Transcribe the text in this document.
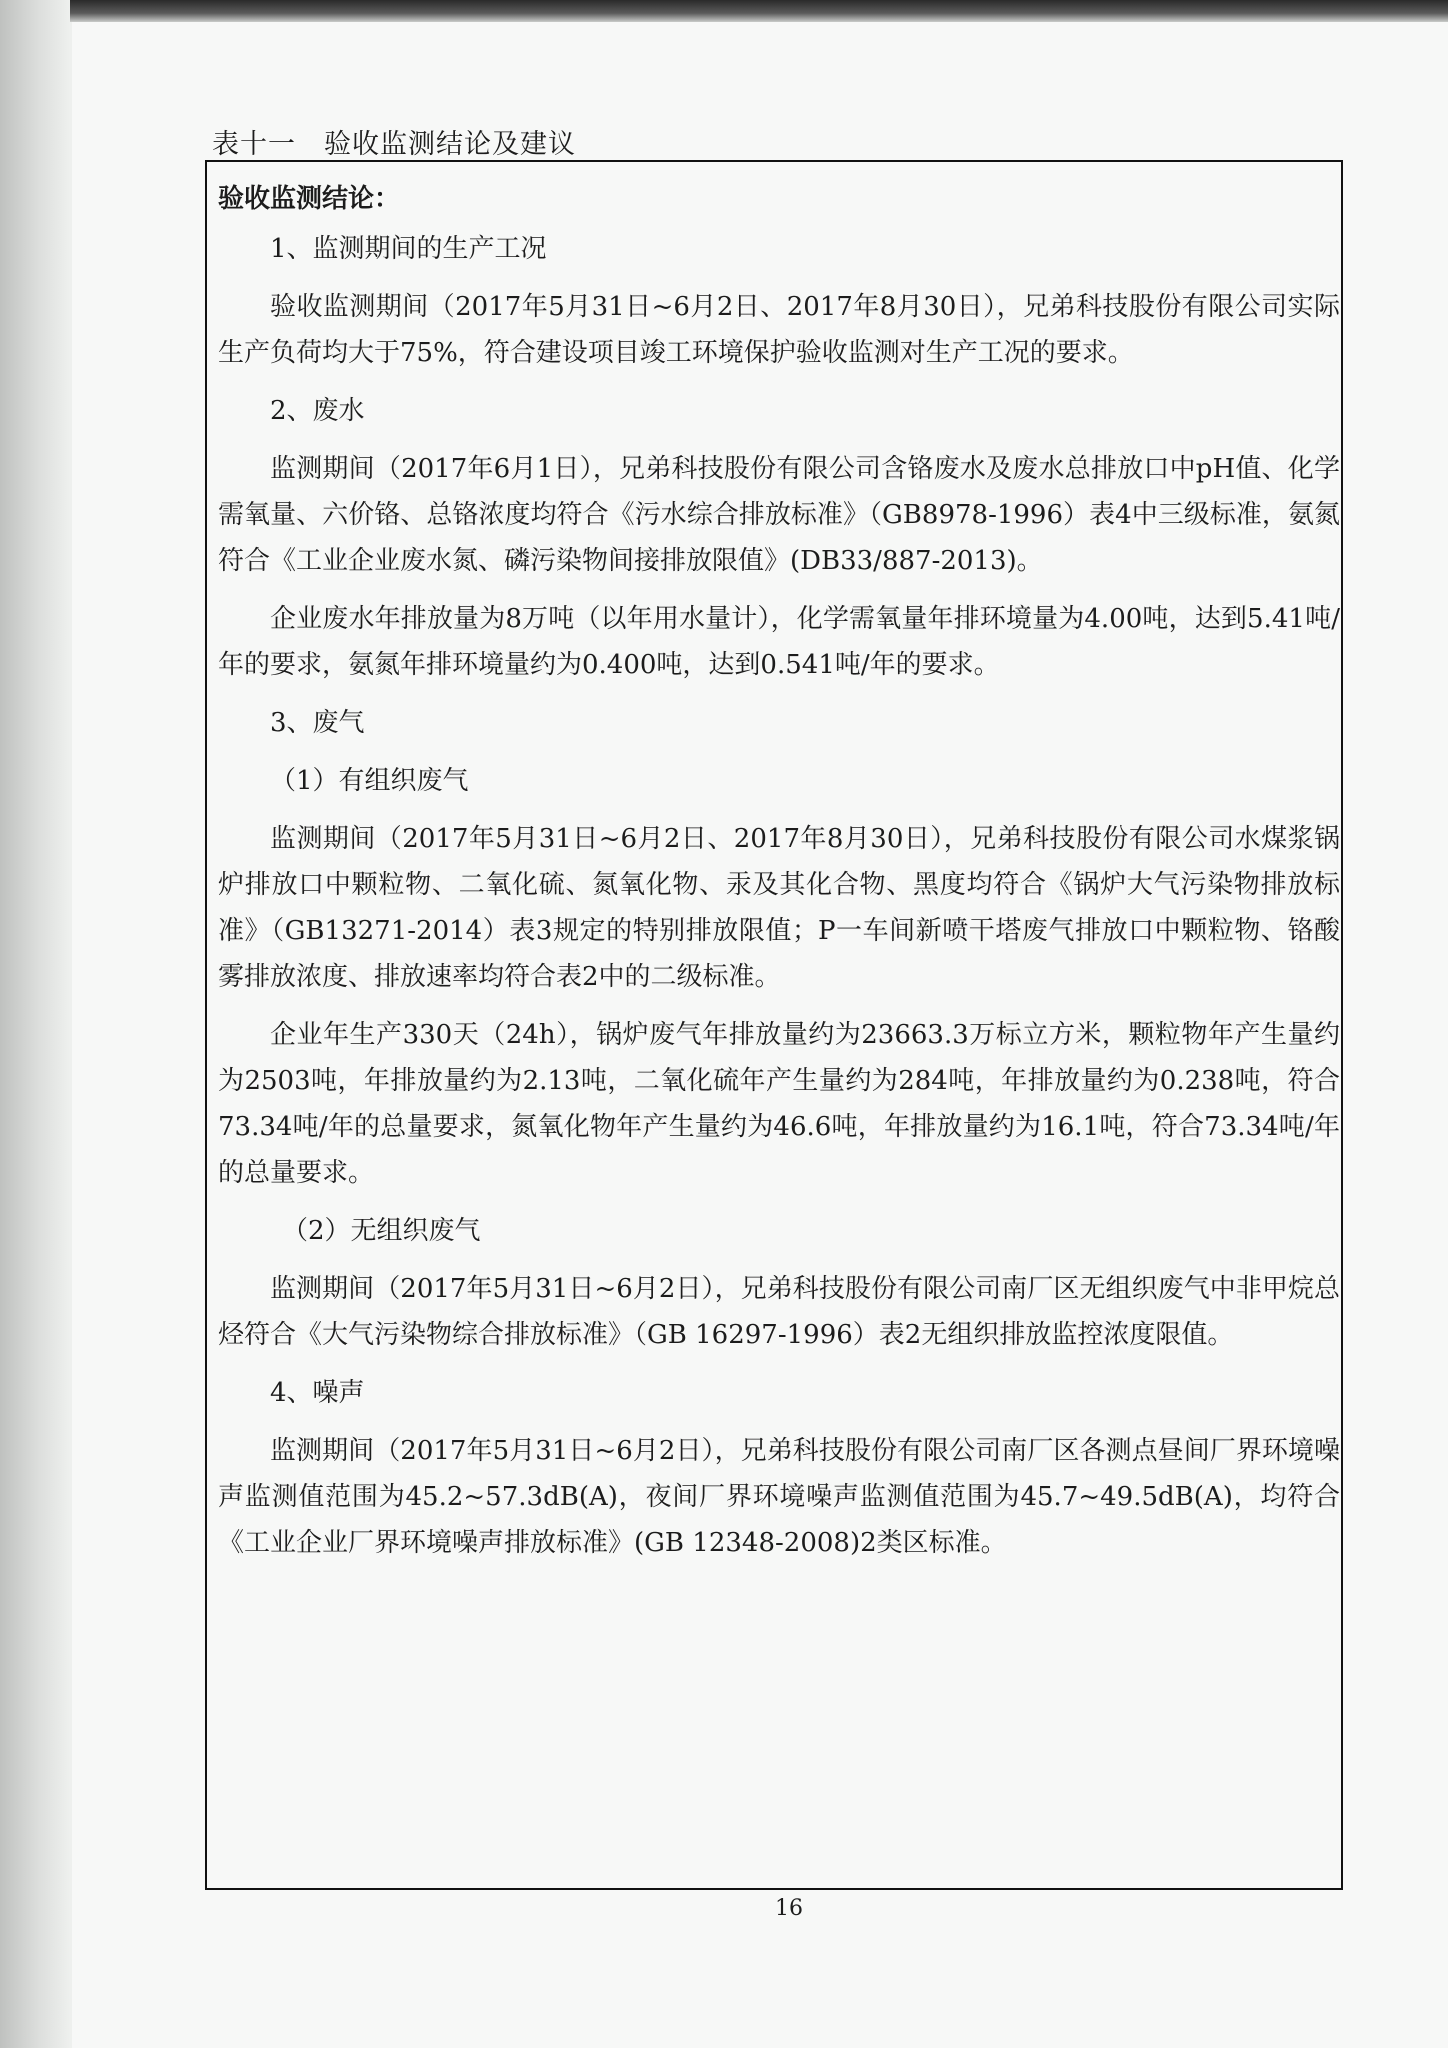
表十一　验收监测结论及建议

验收监测结论：

1、监测期间的生产工况

验收监测期间（2017年5月31日~6月2日、2017年8月30日），兄弟科技股份有限公司实际生产负荷均大于75%，符合建设项目竣工环境保护验收监测对生产工况的要求。

2、废水

监测期间（2017年6月1日），兄弟科技股份有限公司含铬废水及废水总排放口中pH值、化学需氧量、六价铬、总铬浓度均符合《污水综合排放标准》（GB8978-1996）表4中三级标准，氨氮符合《工业企业废水氮、磷污染物间接排放限值》(DB33/887-2013)。

企业废水年排放量为8万吨（以年用水量计），化学需氧量年排环境量为4.00吨，达到5.41吨/年的要求，氨氮年排环境量约为0.400吨，达到0.541吨/年的要求。

3、废气

（1）有组织废气

监测期间（2017年5月31日~6月2日、2017年8月30日），兄弟科技股份有限公司水煤浆锅炉排放口中颗粒物、二氧化硫、氮氧化物、汞及其化合物、黑度均符合《锅炉大气污染物排放标准》（GB13271-2014）表3规定的特别排放限值；P一车间新喷干塔废气排放口中颗粒物、铬酸雾排放浓度、排放速率均符合表2中的二级标准。

企业年生产330天（24h），锅炉废气年排放量约为23663.3万标立方米，颗粒物年产生量约为2503吨，年排放量约为2.13吨，二氧化硫年产生量约为284吨，年排放量约为0.238吨，符合73.34吨/年的总量要求，氮氧化物年产生量约为46.6吨，年排放量约为16.1吨，符合73.34吨/年的总量要求。

（2）无组织废气

监测期间（2017年5月31日~6月2日），兄弟科技股份有限公司南厂区无组织废气中非甲烷总烃符合《大气污染物综合排放标准》（GB 16297-1996）表2无组织排放监控浓度限值。

4、噪声

监测期间（2017年5月31日~6月2日），兄弟科技股份有限公司南厂区各测点昼间厂界环境噪声监测值范围为45.2~57.3dB(A)，夜间厂界环境噪声监测值范围为45.7~49.5dB(A)，均符合《工业企业厂界环境噪声排放标准》(GB 12348-2008)2类区标准。

16
